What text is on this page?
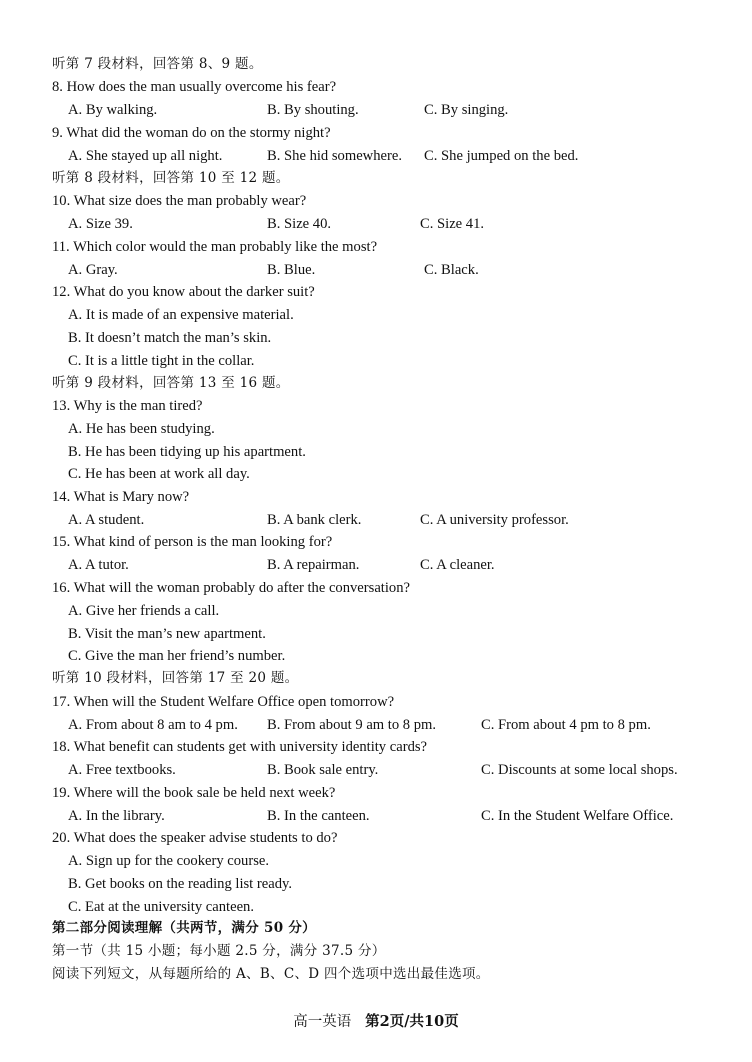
听第 7 段材料，回答第 8、9 题。
8. How does the man usually overcome his fear?
A. By walking.	B. By shouting.	C. By singing.
9. What did the woman do on the stormy night?
A. She stayed up all night.	B. She hid somewhere. C. She jumped on the bed.
听第 8 段材料，回答第 10 至 12 题。
10. What size does the man probably wear?
A. Size 39.	B. Size 40.	C. Size 41.
11. Which color would the man probably like the most?
A. Gray.	B. Blue.	C. Black.
12. What do you know about the darker suit?
A. It is made of an expensive material.
B. It doesn’t match the man’s skin.
C. It is a little tight in the collar.
听第 9 段材料，回答第 13 至 16 题。
13. Why is the man tired?
A. He has been studying.
B. He has been tidying up his apartment.
C. He has been at work all day.
14. What is Mary now?
A. A student.	B. A bank clerk.	C. A university professor.
15. What kind of person is the man looking for?
A. A tutor.	B. A repairman.	C. A cleaner.
16. What will the woman probably do after the conversation?
A. Give her friends a call.
B. Visit the man’s new apartment.
C. Give the man her friend’s number.
听第 10 段材料，回答第 17 至 20 题。
17. When will the Student Welfare Office open tomorrow?
A. From about 8 am to 4 pm. B. From about 9 am to 8 pm.	C. From about 4 pm to 8 pm.
18. What benefit can students get with university identity cards?
A. Free textbooks.	B. Book sale entry.	C. Discounts at some local shops.
19. Where will the book sale be held next week?
A. In the library.	B. In the canteen.	C. In the Student Welfare Office.
20. What does the speaker advise students to do?
A. Sign up for the cookery course.
B. Get books on the reading list ready.
C. Eat at the university canteen.
第二部分阅读理解（共两节，满分 50 分）
第一节（共 15 小题；每小题 2.5 分，满分 37.5 分）
阅读下列短文，从每题所给的 A、B、C、D 四个选项中选出最佳选项。
高一英语 第2页/共10页
